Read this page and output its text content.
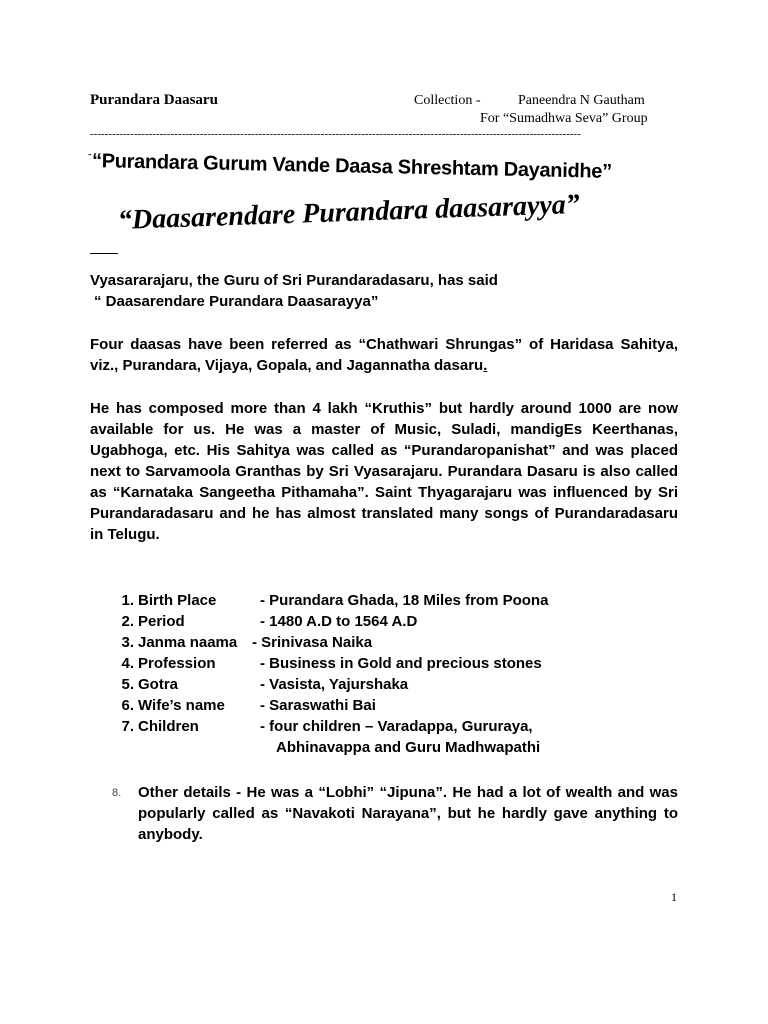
Purandara Daasaru	Collection -	Paneendra N Gautham
For “Sumadhwa Seva” Group
--------------------------------------------------------------------------------------------------------------------------------------
- “Purandara Gurum Vande Daasa Shreshtam Dayanidhe”
“Daasarendare Purandara daasarayya”
Vyasararajaru, the Guru of Sri Purandaradasaru, has said
“ Daasarendare Purandara Daasarayya”
Four daasas have been referred as “Chathwari Shrungas” of Haridasa Sahitya, viz., Purandara, Vijaya, Gopala, and Jagannatha dasaru.
He has composed more than 4 lakh “Kruthis” but hardly around 1000 are now available for us. He was a master of Music, Suladi, mandigEs Keerthanas, Ugabhoga, etc. His Sahitya was called as “Purandaropanishat” and was placed next to Sarvamoola Granthas by Sri Vyasarajaru. Purandara Dasaru is also called as “Karnataka Sangeetha Pithamaha”. Saint Thyagarajaru was influenced by Sri Purandaradasaru and he has almost translated many songs of Purandaradasaru in Telugu.
1. Birth Place	- Purandara Ghada, 18 Miles from Poona
2. Period	- 1480 A.D to 1564 A.D
3. Janma naama - Srinivasa Naika
4. Profession	- Business in Gold and precious stones
5. Gotra	- Vasista, Yajurshaka
6. Wife’s name - Saraswathi Bai
7. Children	- four children – Varadappa, Gururaya,
Abhinavappa and Guru Madhwapathi
8. Other details - He was a “Lobhi” “Jipuna”. He had a lot of wealth and was popularly called as “Navakoti Narayana”, but he hardly gave anything to anybody.
1
